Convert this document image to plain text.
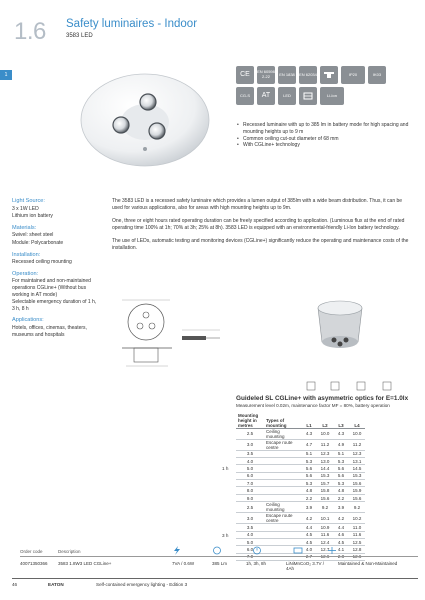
1.6 Safety luminaires - Indoor
3583 LED
1	CE	EN 60598 2-22	EN 1838	EN 62034	IP20	IK03
CG-S	AT	LED	Li-Ion
• Recessed luminaire with up to 385 lm in battery mode for high spacing and mounting heights up to 9 m
• Common ceiling cut-out diameter of 68 mm
• With CGLine+ technology
Light Source:

3 x 1W LED

Lithium ion battery

Materials:

Swivel: sheet steel

Module: Polycarbonate

Installation:

Recessed ceiling mounting

Operation:

For maintained and non-maintained operations CGLine+ (Without bus working in AT mode)

Selectable emergency duration of 1 h, 3 h, 8 h

Applications:

Hotels, offices, cinemas, theaters, museums and hospitals

The 3583 LED is a recessed safety luminaire which provides a lumen output of 385lm with a wide beam distribution. Thus, it can be used for various applications, also for areas with high mounting heights up to 9m.

One, three or eight hours rated operating duration can be freely specified according to application. (Luminous flux at the end of rated operating time 100% at 1h; 70% at 3h; 25% at 8h). 3583 LED is equipped with an environmental-friendly Li-Ion battery technology.

The use of LEDs, automatic testing and monitoring devices (CGLine+) significantly reduce the operating and maintenance costs of the installation.

Guideled SL CGLine+ with asymmetric optics for E=1.0lx
Measurement level 0.02m, maintenance factor MF = 80%, battery operation
Mounting height in metres	Types of mounting	L1	L2	L3	L4
2.5	Ceiling mounting	4.3	10.0	4.3	10.0
3.0	Escape route centre	4.7	11.2	4.9	11.2
3.5		5.1	12.3	5.1	12.3
4.0		5.3	13.0	5.3	13.1
5.0		5.6	14.4	5.6	14.5
6.0		5.6	15.3	5.6	15.3
7.0		5.3	15.7	5.3	15.6
8.0		4.8	15.8	4.8	15.9
9.0		2.2	15.6	2.2	15.6
2.5	Ceiling mounting	3.9	9.2	3.9	9.2
3.0	Escape route centre	4.2	10.1	4.2	10.2
3.5		4.4	10.9	4.4	11.0
4.0		4.5	11.6	4.6	11.6
5.0		4.5	12.4	4.5	12.5
6.0		4.0	12.7	4.1	12.8
7.0		2.7	12.6	2.8	12.6
1 h
3 h
Order code	Description
40071350366 3583 1.8W3 LED CGLine+	7VA / 0.6W	385 Lm	1h, 3h, 8h	LiNiMnCoO₂ 3.7V / 4Ah
Maintained & Non-Maintained
46	EATON	Self-contained emergency lighting - Edition 3
